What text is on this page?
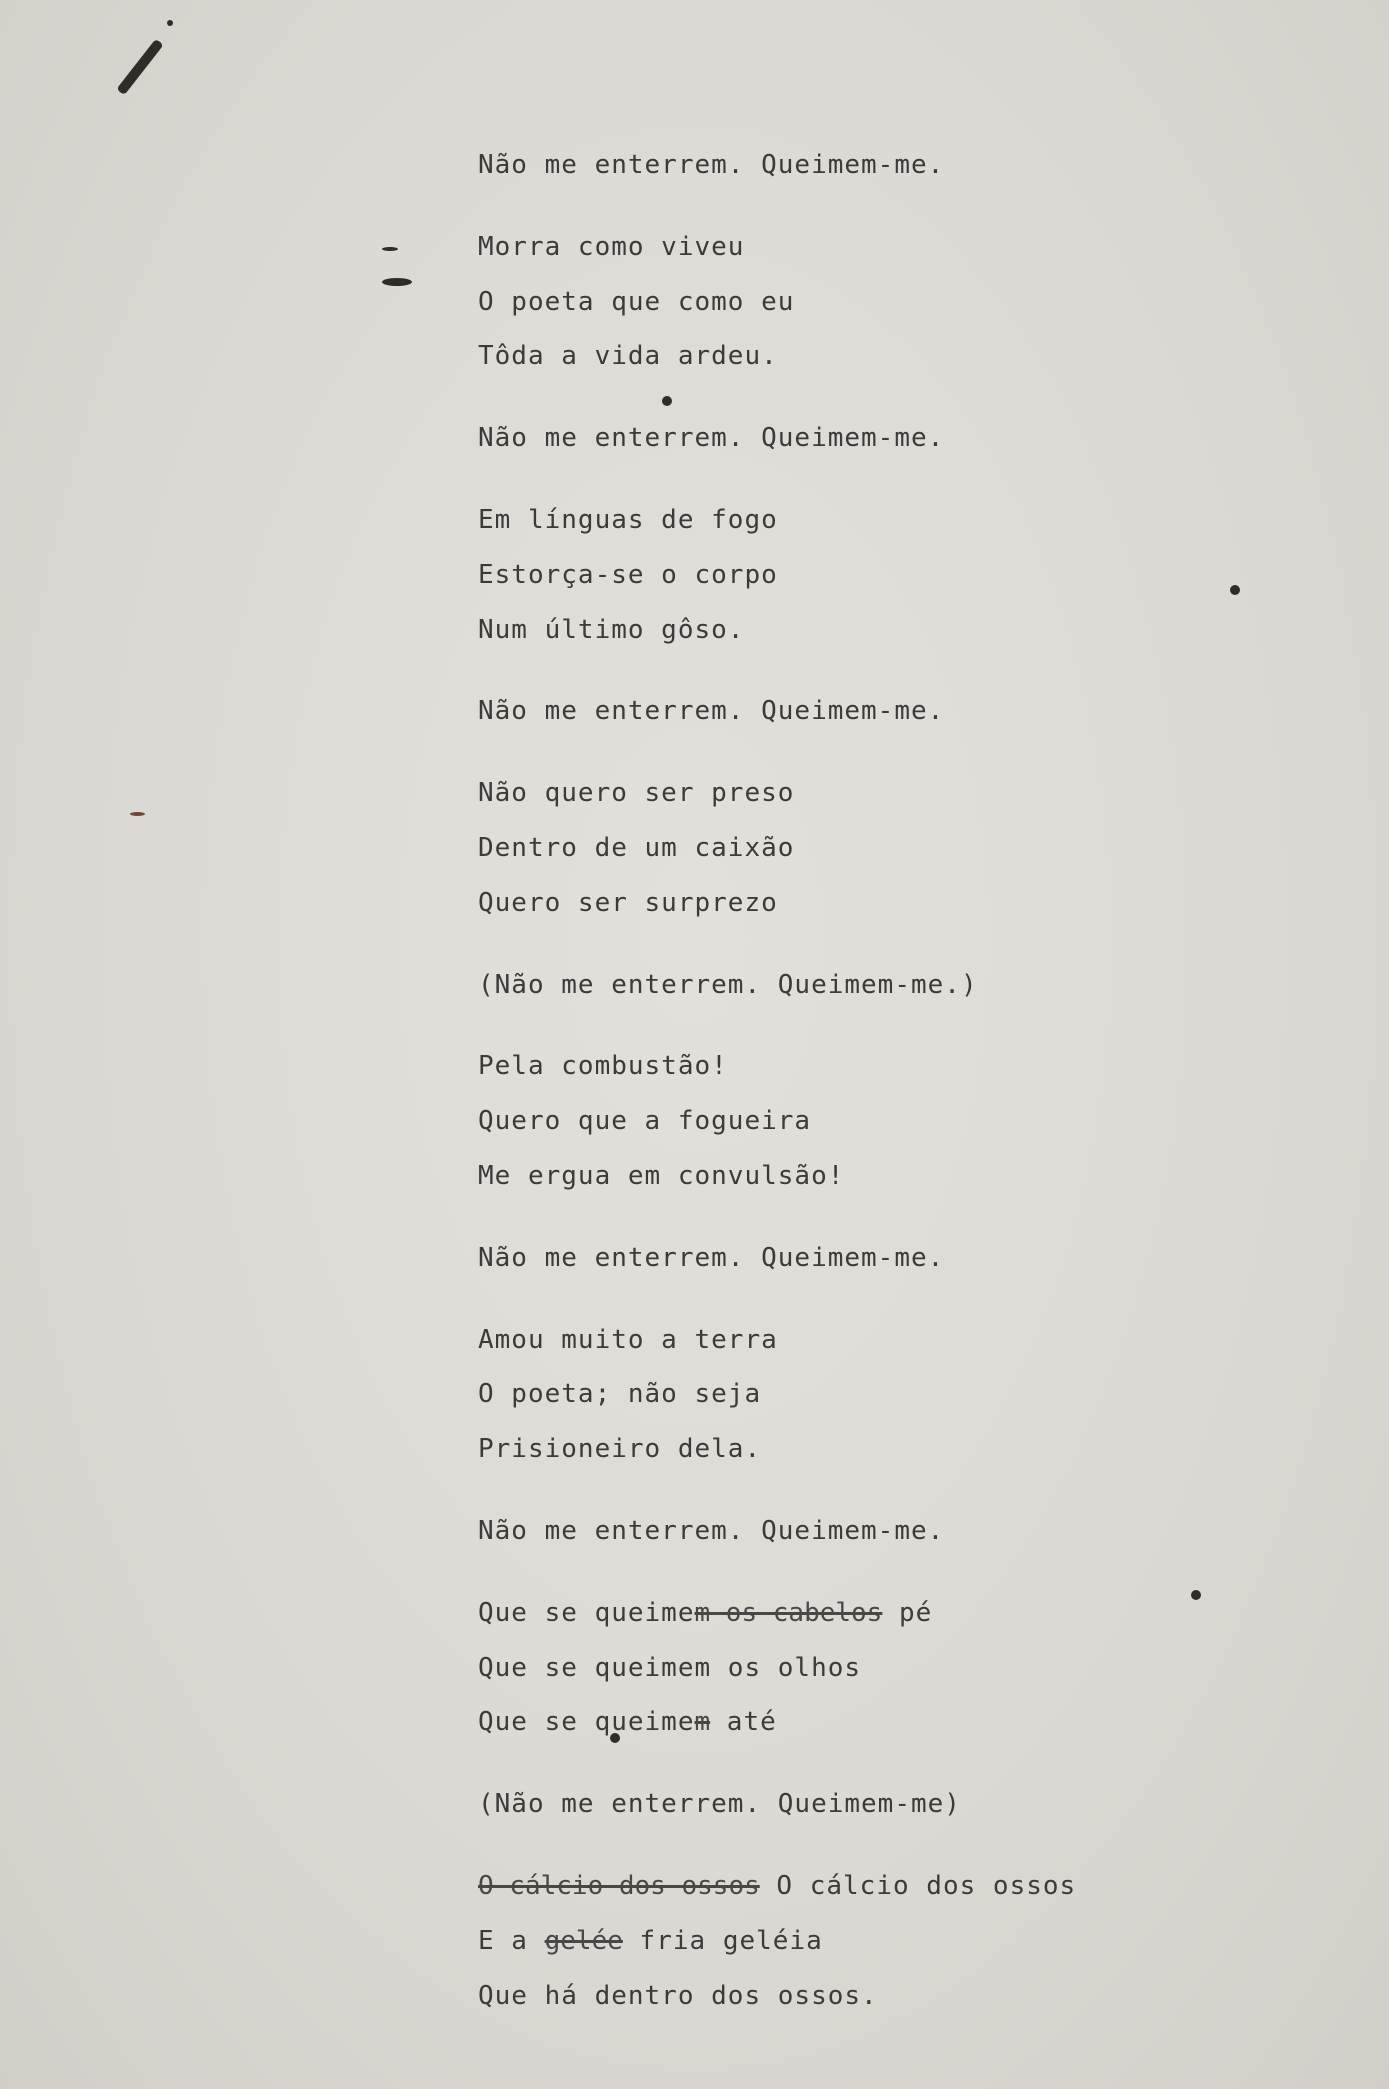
Não me enterrem. Queimem-me.
Morra como viveu
O poeta que como eu
Tôda a vida ardeu.
Não me enterrem. Queimem-me.
Em línguas de fogo
Estorça-se o corpo
Num último gôso.
Não me enterrem. Queimem-me.
Não quero ser preso
Dentro de um caixão
Quero ser surprezo
(Não me enterrem. Queimem-me.)
Pela combustão!
Quero que a fogueira
Me ergua em convulsão!
Não me enterrem. Queimem-me.
Amou muito a terra
O poeta; não seja
Prisioneiro dela.
Não me enterrem. Queimem-me.
Que se queimem os cabelos pé
Que se queimem os olhos
Que se queimem até
(Não me enterrem. Queimem-me)
O cálcio dos ossos O cálcio dos ossos
E a gelée fria geléia
Que há dentro dos ossos.
